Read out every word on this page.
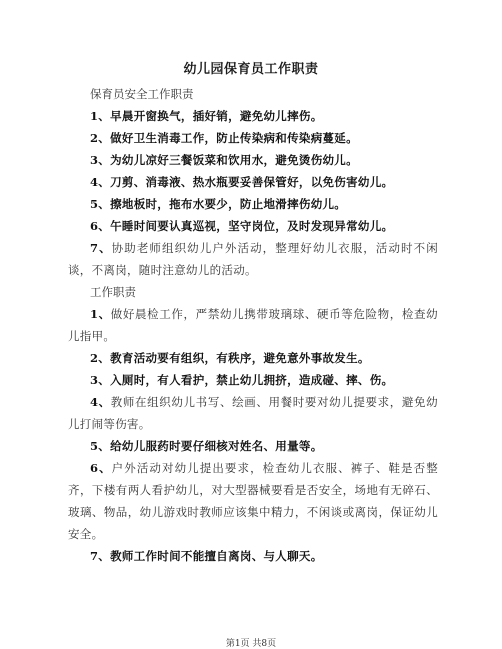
幼儿园保育员工作职责
保育员安全工作职责

1、早晨开窗换气，插好销，避免幼儿摔伤。

2、做好卫生消毒工作，防止传染病和传染病蔓延。

3、为幼儿凉好三餐饭菜和饮用水，避免烫伤幼儿。

4、刀剪、消毒液、热水瓶要妥善保管好，以免伤害幼儿。

5、擦地板时，拖布水要少，防止地滑摔伤幼儿。

6、午睡时间要认真巡视，坚守岗位，及时发现异常幼儿。

7、协助老师组织幼儿户外活动，整理好幼儿衣服，活动时不闲谈，不离岗，随时注意幼儿的活动。

工作职责

1、做好晨检工作，严禁幼儿携带玻璃球、硬币等危险物，检查幼儿指甲。

2、教育活动要有组织，有秩序，避免意外事故发生。

3、入厕时，有人看护，禁止幼儿拥挤，造成碰、摔、伤。

4、教师在组织幼儿书写、绘画、用餐时要对幼儿提要求，避免幼儿打闹等伤害。

5、给幼儿服药时要仔细核对姓名、用量等。

6、户外活动对幼儿提出要求，检查幼儿衣服、裤子、鞋是否整齐，下楼有两人看护幼儿，对大型器械要看是否安全，场地有无碎石、玻璃、物品，幼儿游戏时教师应该集中精力，不闲谈或离岗，保证幼儿安全。

7、教师工作时间不能擅自离岗、与人聊天。

第1页 共8页
